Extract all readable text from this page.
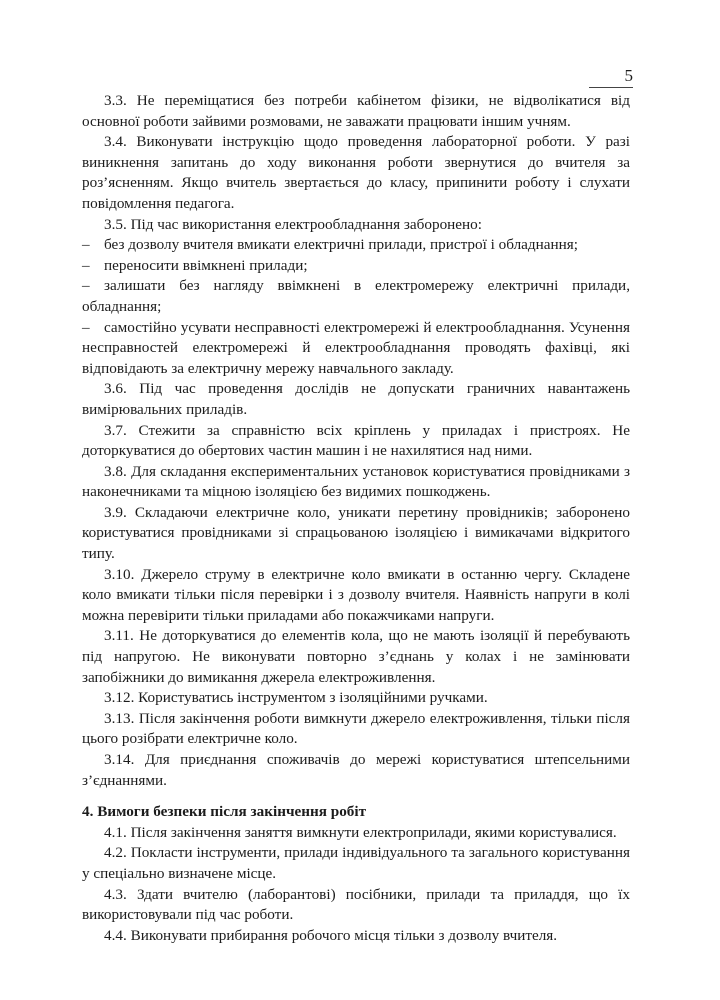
5

3.3. Не переміщатися без потреби кабінетом фізики, не відволікатися від основної роботи зайвими розмовами, не заважати працювати іншим учням.

3.4. Виконувати інструкцію щодо проведення лабораторної роботи. У разі виникнення запитань до ходу виконання роботи звернутися до вчителя за роз’ясненням. Якщо вчитель звертається до класу, припинити роботу і слухати повідомлення педагога.

3.5. Під час використання електрообладнання заборонено:

– без дозволу вчителя вмикати електричні прилади, пристрої і обладнання;

– переносити ввімкнені прилади;

– залишати без нагляду ввімкнені в електромережу електричні прилади, обладнання;

– самостійно усувати несправності електромережі й електрообладнання. Усунення несправностей електромережі й електрообладнання проводять фахівці, які відповідають за електричну мережу навчального закладу.

3.6. Під час проведення дослідів не допускати граничних навантажень вимірювальних приладів.

3.7. Стежити за справністю всіх кріплень у приладах і пристроях. Не доторкуватися до обертових частин машин і не нахилятися над ними.

3.8. Для складання експериментальних установок користуватися провідниками з наконечниками та міцною ізоляцією без видимих пошкоджень.

3.9. Складаючи електричне коло, уникати перетину провідників; заборонено користуватися провідниками зі спрацьованою ізоляцією і вимикачами відкритого типу.

3.10. Джерело струму в електричне коло вмикати в останню чергу. Складене коло вмикати тільки після перевірки і з дозволу вчителя. Наявність напруги в колі можна перевірити тільки приладами або покажчиками напруги.

3.11. Не доторкуватися до елементів кола, що не мають ізоляції й перебувають під напругою. Не виконувати повторно з’єднань у колах і не замінювати запобіжники до вимикання джерела електроживлення.

3.12. Користуватись інструментом з ізоляційними ручками.

3.13. Після закінчення роботи вимкнути джерело електроживлення, тільки після цього розібрати електричне коло.

3.14. Для приєднання споживачів до мережі користуватися штепсельними з’єднаннями.

4. Вимоги безпеки після закінчення робіт

4.1. Після закінчення заняття вимкнути електроприлади, якими користувалися.

4.2. Покласти інструменти, прилади індивідуального та загального користування у спеціально визначене місце.

4.3. Здати вчителю (лаборантові) посібники, прилади та приладдя, що їх використовували під час роботи.

4.4. Виконувати прибирання робочого місця тільки з дозволу вчителя.
